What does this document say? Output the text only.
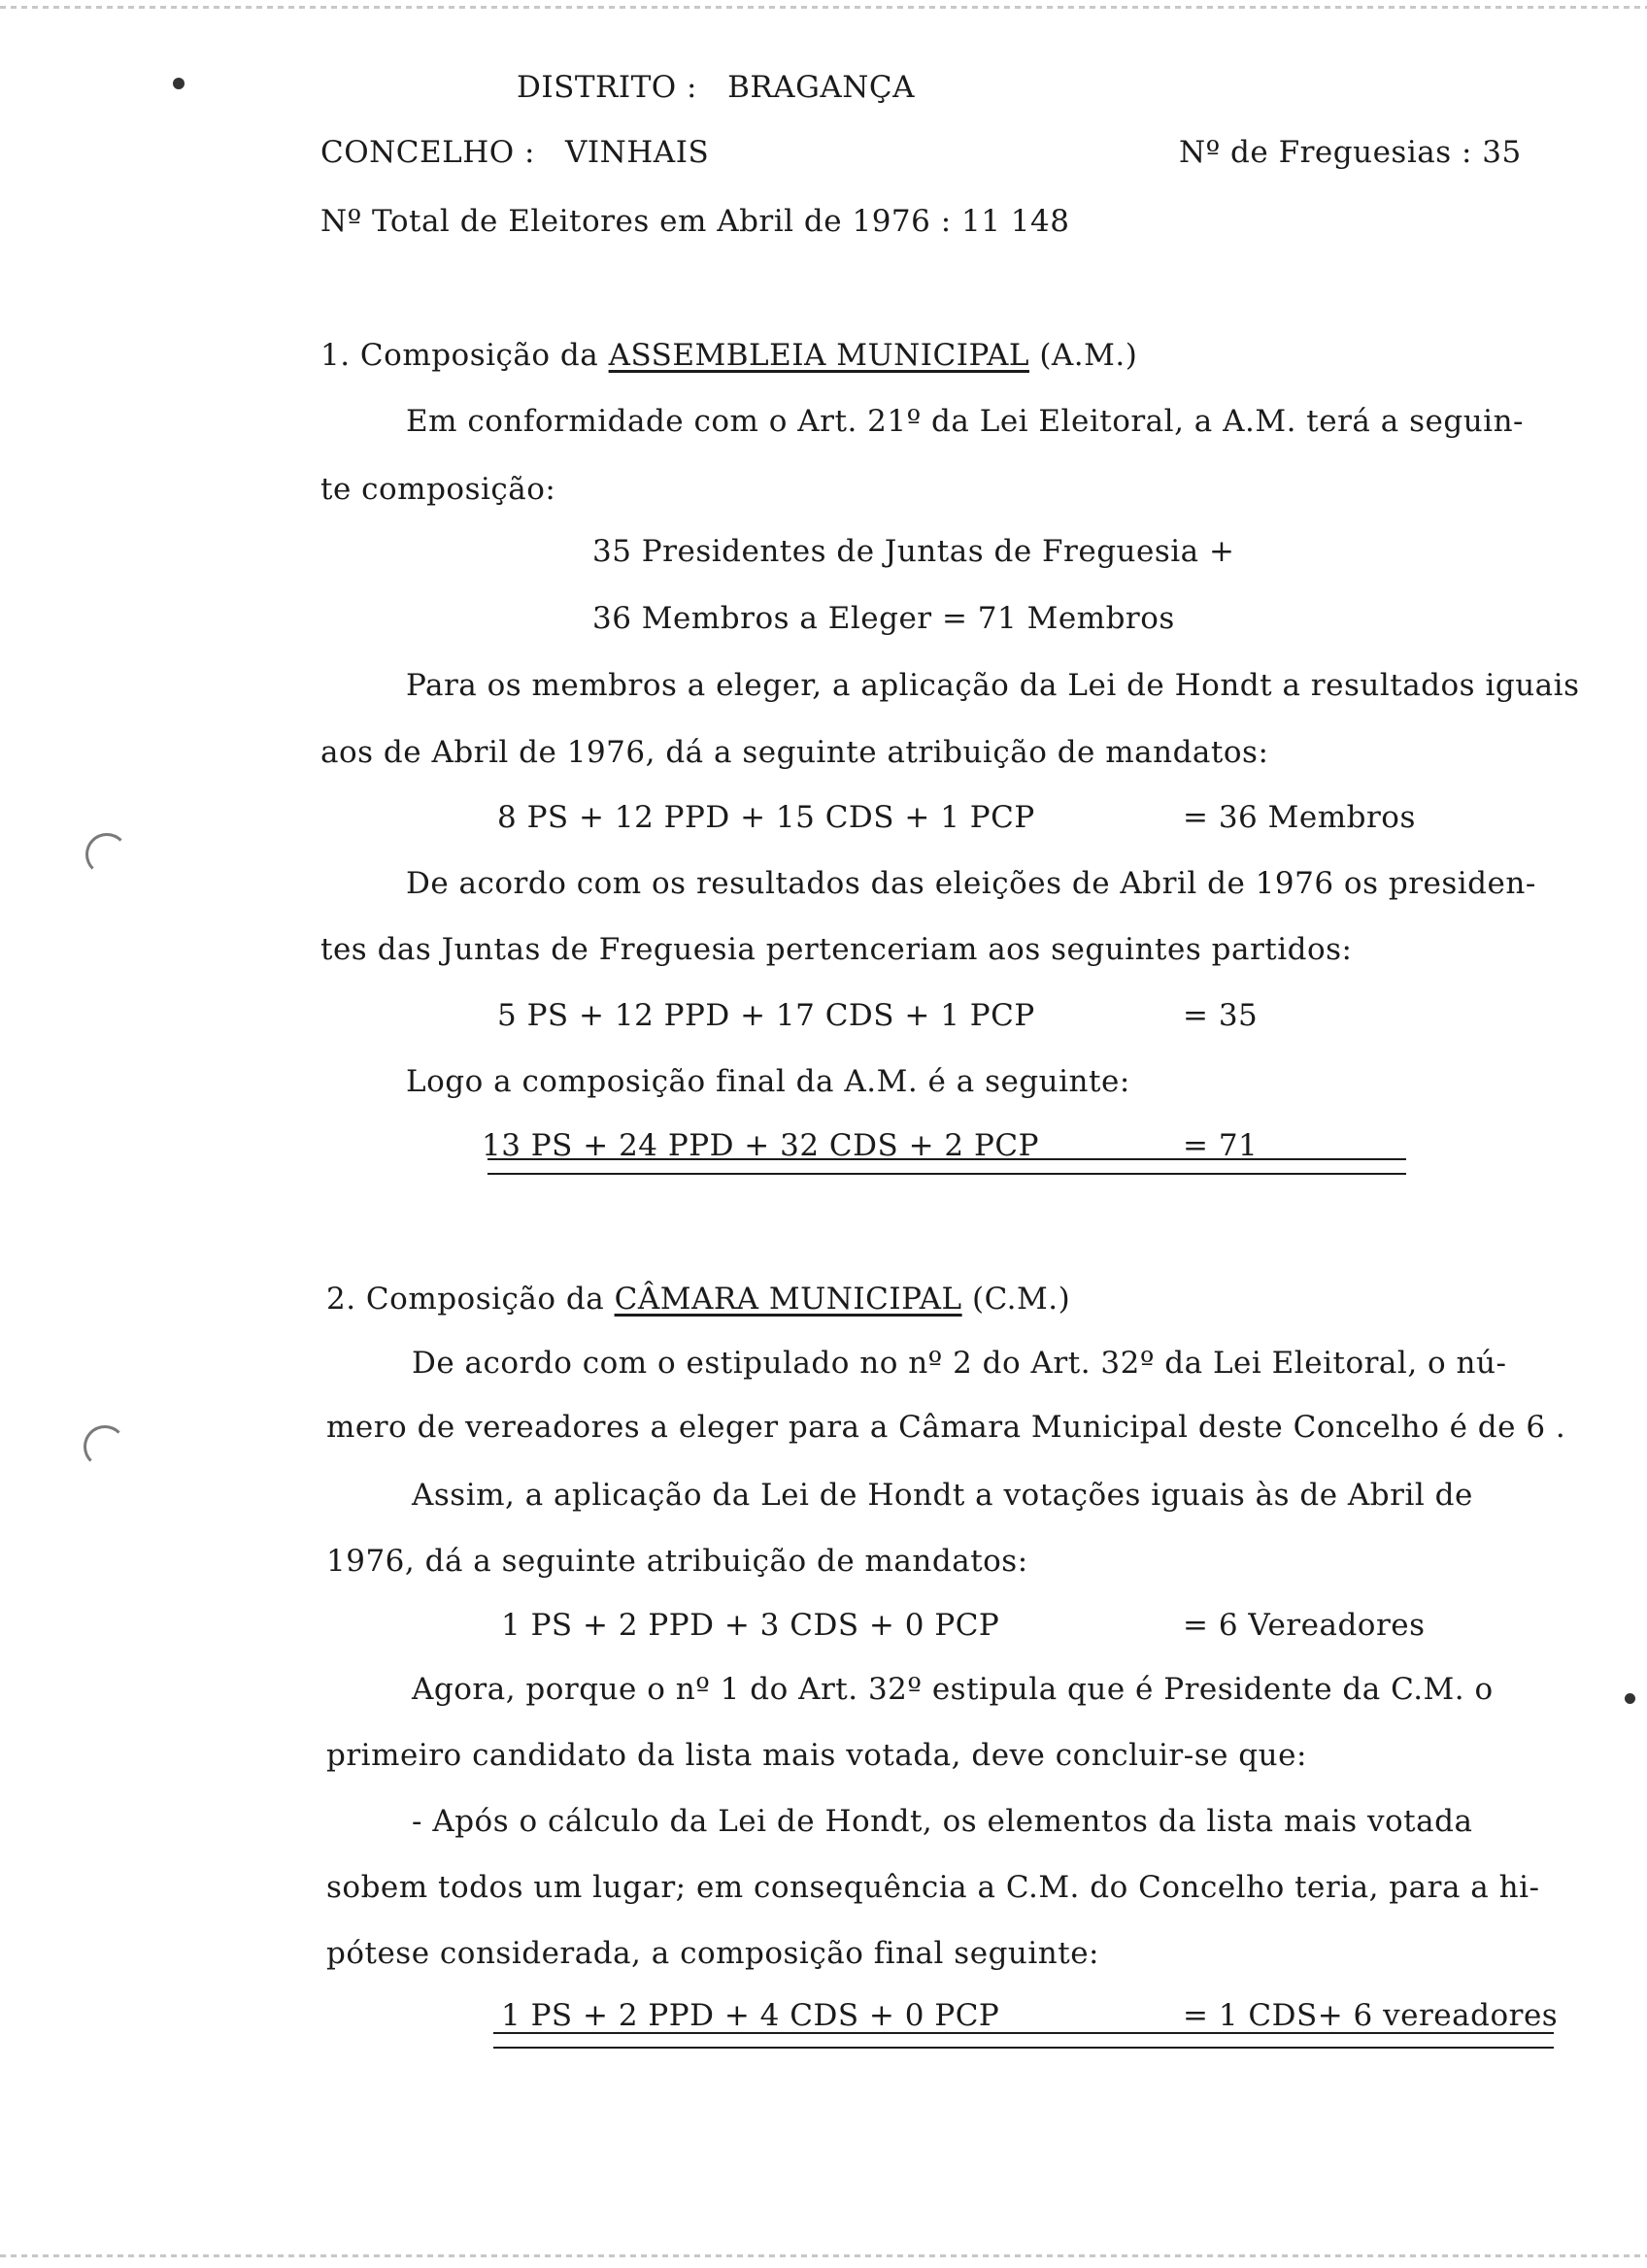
DISTRITO : BRAGANÇA
CONCELHO : VINHAIS	Nº de Freguesias : 35
Nº Total de Eleitores em Abril de 1976 : 11 148
1. Composição da ASSEMBLEIA MUNICIPAL (A.M.)
Em conformidade com o Art. 21º da Lei Eleitoral, a A.M. terá a seguin-
te composição:
35 Presidentes de Juntas de Freguesia +
36 Membros a Eleger = 71 Membros
Para os membros a eleger, a aplicação da Lei de Hondt a resultados iguais
aos de Abril de 1976, dá a seguinte atribuição de mandatos:
8 PS + 12 PPD + 15 CDS + 1 PCP	= 36 Membros
De acordo com os resultados das eleições de Abril de 1976 os presiden-
tes das Juntas de Freguesia pertenceriam aos seguintes partidos:
5 PS + 12 PPD + 17 CDS + 1 PCP	= 35
Logo a composição final da A.M. é a seguinte:
13 PS + 24 PPD + 32 CDS + 2 PCP	= 71
2. Composição da CÂMARA MUNICIPAL (C.M.)
De acordo com o estipulado no nº 2 do Art. 32º da Lei Eleitoral, o nú-
mero de vereadores a eleger para a Câmara Municipal deste Concelho é de 6 .
Assim, a aplicação da Lei de Hondt a votações iguais às de Abril de
1976, dá a seguinte atribuição de mandatos:
1 PS + 2 PPD + 3 CDS + 0 PCP	= 6 Vereadores
Agora, porque o nº 1 do Art. 32º estipula que é Presidente da C.M. o
primeiro candidato da lista mais votada, deve concluir-se que:
- Após o cálculo da Lei de Hondt, os elementos da lista mais votada
sobem todos um lugar; em consequência a C.M. do Concelho teria, para a hi-
pótese considerada, a composição final seguinte:
1 PS + 2 PPD + 4 CDS + 0 PCP	= 1 CDS+ 6 vereadores
